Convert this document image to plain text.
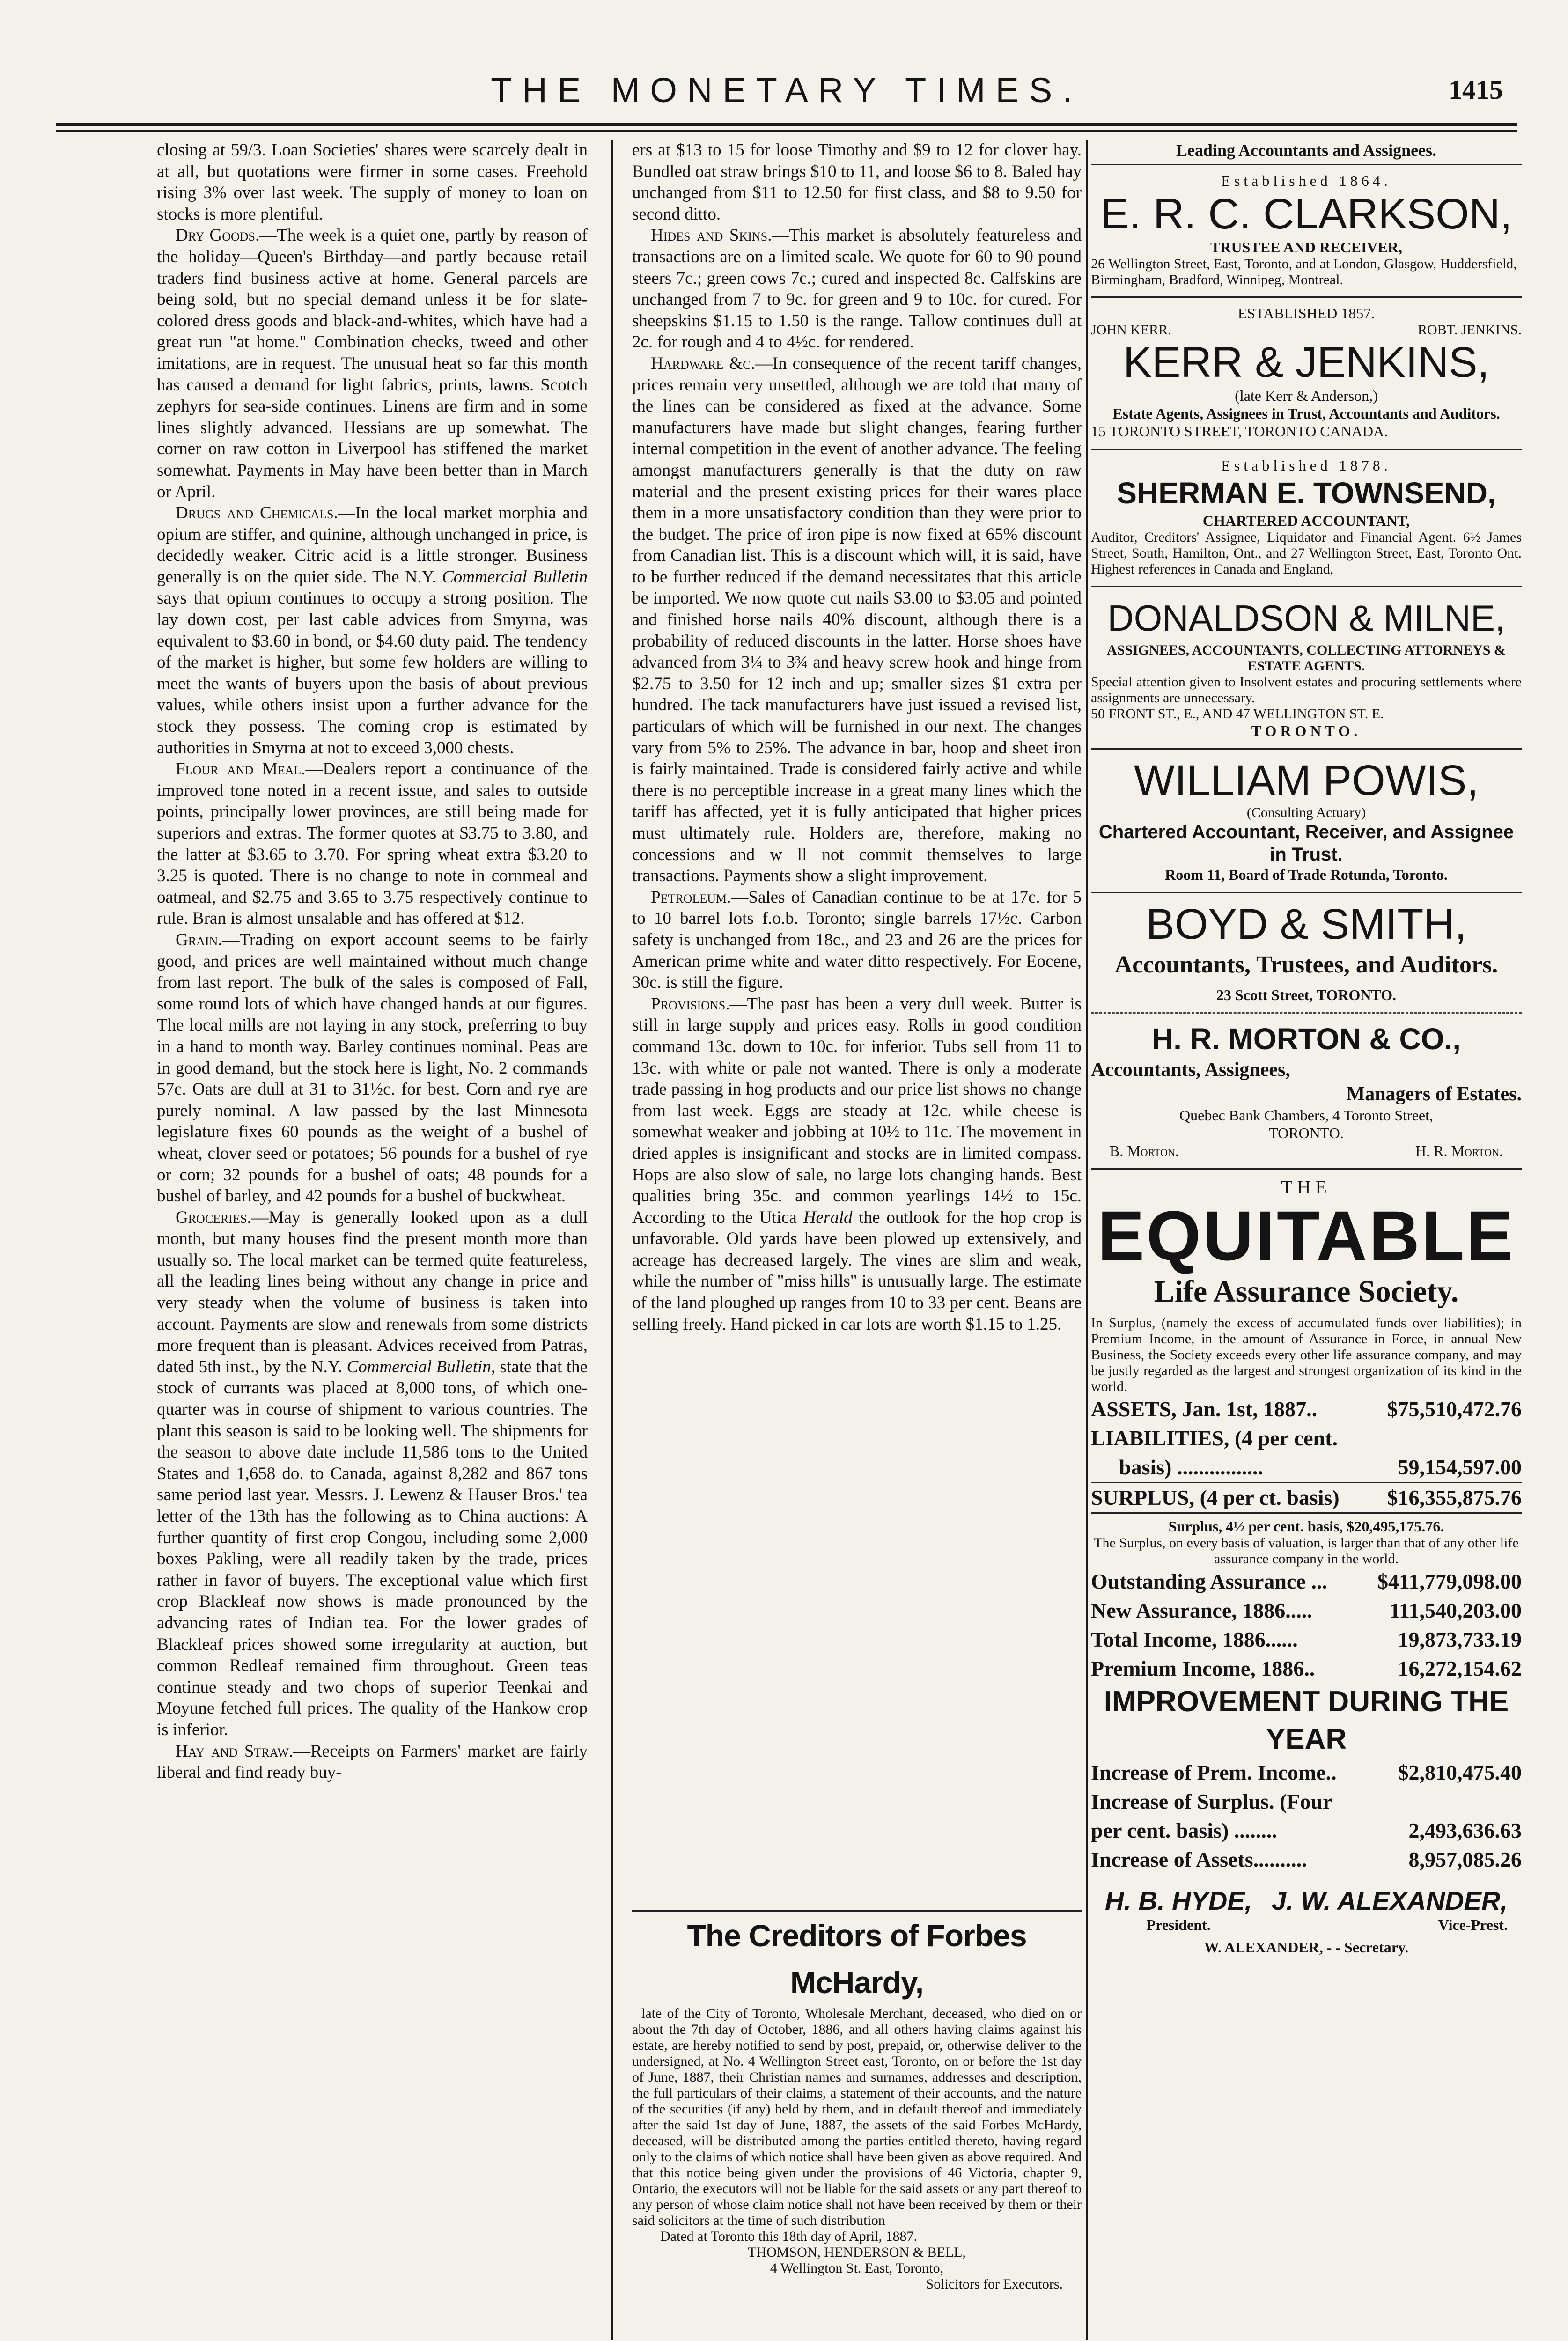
THE MONETARY TIMES.	1415

closing at 59/3. Loan Societies' shares were scarcely dealt in at all, but quotations were firmer in some cases. Freehold rising 3% over last week. The supply of money to loan on stocks is more plentiful.

Dry Goods.—The week is a quiet one, partly by reason of the holiday—Queen's Birthday—and partly because retail traders find business active at home. General parcels are being sold, but no special demand unless it be for slate-colored dress goods and black-and-whites, which have had a great run "at home." Combination checks, tweed and other imitations, are in request. The unusual heat so far this month has caused a demand for light fabrics, prints, lawns. Scotch zephyrs for sea-side continues. Linens are firm and in some lines slightly advanced. Hessians are up somewhat. The corner on raw cotton in Liverpool has stiffened the market somewhat. Payments in May have been better than in March or April.

Drugs and Chemicals.—In the local market morphia and opium are stiffer, and quinine, although unchanged in price, is decidedly weaker. Citric acid is a little stronger. Business generally is on the quiet side. The N.Y. Commercial Bulletin says that opium continues to occupy a strong position. The lay down cost, per last cable advices from Smyrna, was equivalent to $3.60 in bond, or $4.60 duty paid. The tendency of the market is higher, but some few holders are willing to meet the wants of buyers upon the basis of about previous values, while others insist upon a further advance for the stock they possess. The coming crop is estimated by authorities in Smyrna at not to exceed 3,000 chests.

Flour and Meal.—Dealers report a continuance of the improved tone noted in a recent issue, and sales to outside points, principally lower provinces, are still being made for superiors and extras. The former quotes at $3.75 to 3.80, and the latter at $3.65 to 3.70. For spring wheat extra $3.20 to 3.25 is quoted. There is no change to note in cornmeal and oatmeal, and $2.75 and 3.65 to 3.75 respectively continue to rule. Bran is almost unsalable and has offered at $12.

Grain.—Trading on export account seems to be fairly good, and prices are well maintained without much change from last report. The bulk of the sales is composed of Fall, some round lots of which have changed hands at our figures. The local mills are not laying in any stock, preferring to buy in a hand to month way. Barley continues nominal. Peas are in good demand, but the stock here is light, No. 2 commands 57c. Oats are dull at 31 to 31½c. for best. Corn and rye are purely nominal. A law passed by the last Minnesota legislature fixes 60 pounds as the weight of a bushel of wheat, clover seed or potatoes; 56 pounds for a bushel of rye or corn; 32 pounds for a bushel of oats; 48 pounds for a bushel of barley, and 42 pounds for a bushel of buckwheat.

Groceries.—May is generally looked upon as a dull month, but many houses find the present month more than usually so. The local market can be termed quite featureless, all the leading lines being without any change in price and very steady when the volume of business is taken into account. Payments are slow and renewals from some districts more frequent than is pleasant. Advices received from Patras, dated 5th inst., by the N.Y. Commercial Bulletin, state that the stock of currants was placed at 8,000 tons, of which one-quarter was in course of shipment to various countries. The plant this season is said to be looking well. The shipments for the season to above date include 11,586 tons to the United States and 1,658 do. to Canada, against 8,282 and 867 tons same period last year. Messrs. J. Lewenz & Hauser Bros.' tea letter of the 13th has the following as to China auctions: A further quantity of first crop Congou, including some 2,000 boxes Pakling, were all readily taken by the trade, prices rather in favor of buyers. The exceptional value which first crop Blackleaf now shows is made pronounced by the advancing rates of Indian tea. For the lower grades of Blackleaf prices showed some irregularity at auction, but common Redleaf remained firm throughout. Green teas continue steady and two chops of superior Teenkai and Moyune fetched full prices. The quality of the Hankow crop is inferior.

Hay and Straw.—Receipts on Farmers' market are fairly liberal and find ready buy-

ers at $13 to 15 for loose Timothy and $9 to 12 for clover hay. Bundled oat straw brings $10 to 11, and loose $6 to 8. Baled hay unchanged from $11 to 12.50 for first class, and $8 to 9.50 for second ditto.

Hides and Skins.—This market is absolutely featureless and transactions are on a limited scale. We quote for 60 to 90 pound steers 7c.; green cows 7c.; cured and inspected 8c. Calfskins are unchanged from 7 to 9c. for green and 9 to 10c. for cured. For sheepskins $1.15 to 1.50 is the range. Tallow continues dull at 2c. for rough and 4 to 4½c. for rendered.

Hardware &c.—In consequence of the recent tariff changes, prices remain very unsettled, although we are told that many of the lines can be considered as fixed at the advance. Some manufacturers have made but slight changes, fearing further internal competition in the event of another advance. The feeling amongst manufacturers generally is that the duty on raw material and the present existing prices for their wares place them in a more unsatisfactory condition than they were prior to the budget. The price of iron pipe is now fixed at 65% discount from Canadian list. This is a discount which will, it is said, have to be further reduced if the demand necessitates that this article be imported. We now quote cut nails $3.00 to $3.05 and pointed and finished horse nails 40% discount, although there is a probability of reduced discounts in the latter. Horse shoes have advanced from 3¼ to 3¾ and heavy screw hook and hinge from $2.75 to 3.50 for 12 inch and up; smaller sizes $1 extra per hundred. The tack manufacturers have just issued a revised list, particulars of which will be furnished in our next. The changes vary from 5% to 25%. The advance in bar, hoop and sheet iron is fairly maintained. Trade is considered fairly active and while there is no perceptible increase in a great many lines which the tariff has affected, yet it is fully anticipated that higher prices must ultimately rule. Holders are, therefore, making no concessions and w ll not commit themselves to large transactions. Payments show a slight improvement.

Petroleum.—Sales of Canadian continue to be at 17c. for 5 to 10 barrel lots f.o.b. Toronto; single barrels 17½c. Carbon safety is unchanged from 18c., and 23 and 26 are the prices for American prime white and water ditto respectively. For Eocene, 30c. is still the figure.

Provisions.—The past has been a very dull week. Butter is still in large supply and prices easy. Rolls in good condition command 13c. down to 10c. for inferior. Tubs sell from 11 to 13c. with white or pale not wanted. There is only a moderate trade passing in hog products and our price list shows no change from last week. Eggs are steady at 12c. while cheese is somewhat weaker and jobbing at 10½ to 11c. The movement in dried apples is insignificant and stocks are in limited compass. Hops are also slow of sale, no large lots changing hands. Best qualities bring 35c. and common yearlings 14½ to 15c. According to the Utica Herald the outlook for the hop crop is unfavorable. Old yards have been plowed up extensively, and acreage has decreased largely. The vines are slim and weak, while the number of "miss hills" is unusually large. The estimate of the land ploughed up ranges from 10 to 33 per cent. Beans are selling freely. Hand picked in car lots are worth $1.15 to 1.25.

The Creditors of Forbes McHardy,
late of the City of Toronto, Wholesale Merchant, deceased, who died on or about the 7th day of October, 1886, and all others having claims against his estate, are hereby notified to send by post, prepaid, or, otherwise deliver to the undersigned, at No. 4 Wellington Street east, Toronto, on or before the 1st day of June, 1887, their Christian names and surnames, addresses and description, the full particulars of their claims, a statement of their accounts, and the nature of the securities (if any) held by them, and in default thereof and immediately after the said 1st day of June, 1887, the assets of the said Forbes McHardy, deceased, will be distributed among the parties entitled thereto, having regard only to the claims of which notice shall have been given as above required. And that this notice being given under the provisions of 46 Victoria, chapter 9, Ontario, the executors will not be liable for the said assets or any part thereof to any person of whose claim notice shall not have been received by them or their said solicitors at the time of such distribution
Dated at Toronto this 18th day of April, 1887.
THOMSON, HENDERSON & BELL,
4 Wellington St. East, Toronto,
Solicitors for Executors.
Leading Accountants and Assignees.
Established 1864.
E. R. C. CLARKSON,
TRUSTEE AND RECEIVER,
26 Wellington Street, East, Toronto, and at London, Glasgow, Huddersfield, Birmingham, Bradford, Winnipeg, Montreal.
ESTABLISHED 1857.
JOHN KERR.	ROBT. JENKINS.
KERR & JENKINS,
(late Kerr & Anderson,)
Estate Agents, Assignees in Trust, Accountants and Auditors.
15 TORONTO STREET, TORONTO CANADA.
Established 1878.
SHERMAN E. TOWNSEND,
CHARTERED ACCOUNTANT,
Auditor, Creditors' Assignee, Liquidator and Financial Agent. 6½ James Street, South, Hamilton, Ont., and 27 Wellington Street, East, Toronto Ont. Highest references in Canada and England,
DONALDSON & MILNE,
ASSIGNEES, ACCOUNTANTS, COLLECTING ATTORNEYS & ESTATE AGENTS.
Special attention given to Insolvent estates and procuring settlements where assignments are unnecessary.
50 FRONT ST., E., AND 47 WELLINGTON ST. E.
TORONTO.
WILLIAM POWIS,
(Consulting Actuary)
Chartered Accountant, Receiver, and Assignee in Trust.
Room 11, Board of Trade Rotunda, Toronto.
BOYD & SMITH,
Accountants, Trustees, and Auditors.
23 Scott Street, TORONTO.
H. R. MORTON & CO.,
Accountants, Assignees,
Managers of Estates.
Quebec Bank Chambers, 4 Toronto Street,
TORONTO.
B. Morton.	H. R. Morton.
THE
EQUITABLE
Life Assurance Society.
In Surplus, (namely the excess of accumulated funds over liabilities); in Premium Income, in the amount of Assurance in Force, in annual New Business, the Society exceeds every other life assurance company, and may be justly regarded as the largest and strongest organization of its kind in the world.
ASSETS, Jan. 1st, 1887..	$75,510,472.76
LIABILITIES, (4 per cent.
basis) ................	59,154,597.00
SURPLUS, (4 per ct. basis) $16,355,875.76
Surplus, 4½ per cent. basis, $20,495,175.76.
The Surplus, on every basis of valuation, is larger than that of any other life assurance company in the world.
Outstanding Assurance ... $411,779,098.00
New Assurance, 1886.....	111,540,203.00
Total Income, 1886......	19,873,733.19
Premium Income, 1886..	16,272,154.62
IMPROVEMENT DURING THE YEAR
Increase of Prem. Income..	$2,810,475.40
Increase of Surplus. (Four
per cent. basis) ........	2,493,636.63
Increase of Assets..........	8,957,085.26
H. B. HYDE,
President.
J. W. ALEXANDER,
Vice-Prest.
W. ALEXANDER, - - Secretary.
